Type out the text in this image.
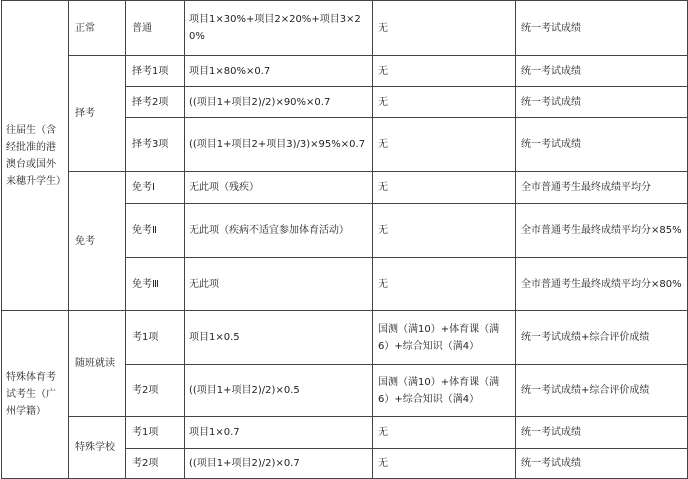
往届生（含经批准的港澳台或国外来穗升学生）	正常	普通	项目1×30%+项目2×20%+项目3×20%	无	统一考试成绩
	择考	择考1项	项目1×80%×0.7	无	统一考试成绩
		择考2项	((项目1+项目2)/2)×90%×0.7	无	统一考试成绩
		择考3项	((项目1+项目2+项目3)/3)×95%×0.7	无	统一考试成绩
	免考	免考Ⅰ	无此项（残疾）	无	全市普通考生最终成绩平均分
		免考Ⅱ	无此项（疾病不适宜参加体育活动）	无	全市普通考生最终成绩平均分×85%
		免考Ⅲ	无此项	无	全市普通考生最终成绩平均分×80%
特殊体育考试考生（广州学籍）	随班就读	考1项	项目1×0.5	国测（满10）+体育课（满6）+综合知识（满4）	统一考试成绩+综合评价成绩
		考2项	((项目1+项目2)/2)×0.5	国测（满10）+体育课（满6）+综合知识（满4）	统一考试成绩+综合评价成绩
	特殊学校	考1项	项目1×0.7	无	统一考试成绩
		考2项	((项目1+项目2)/2)×0.7	无	统一考试成绩
